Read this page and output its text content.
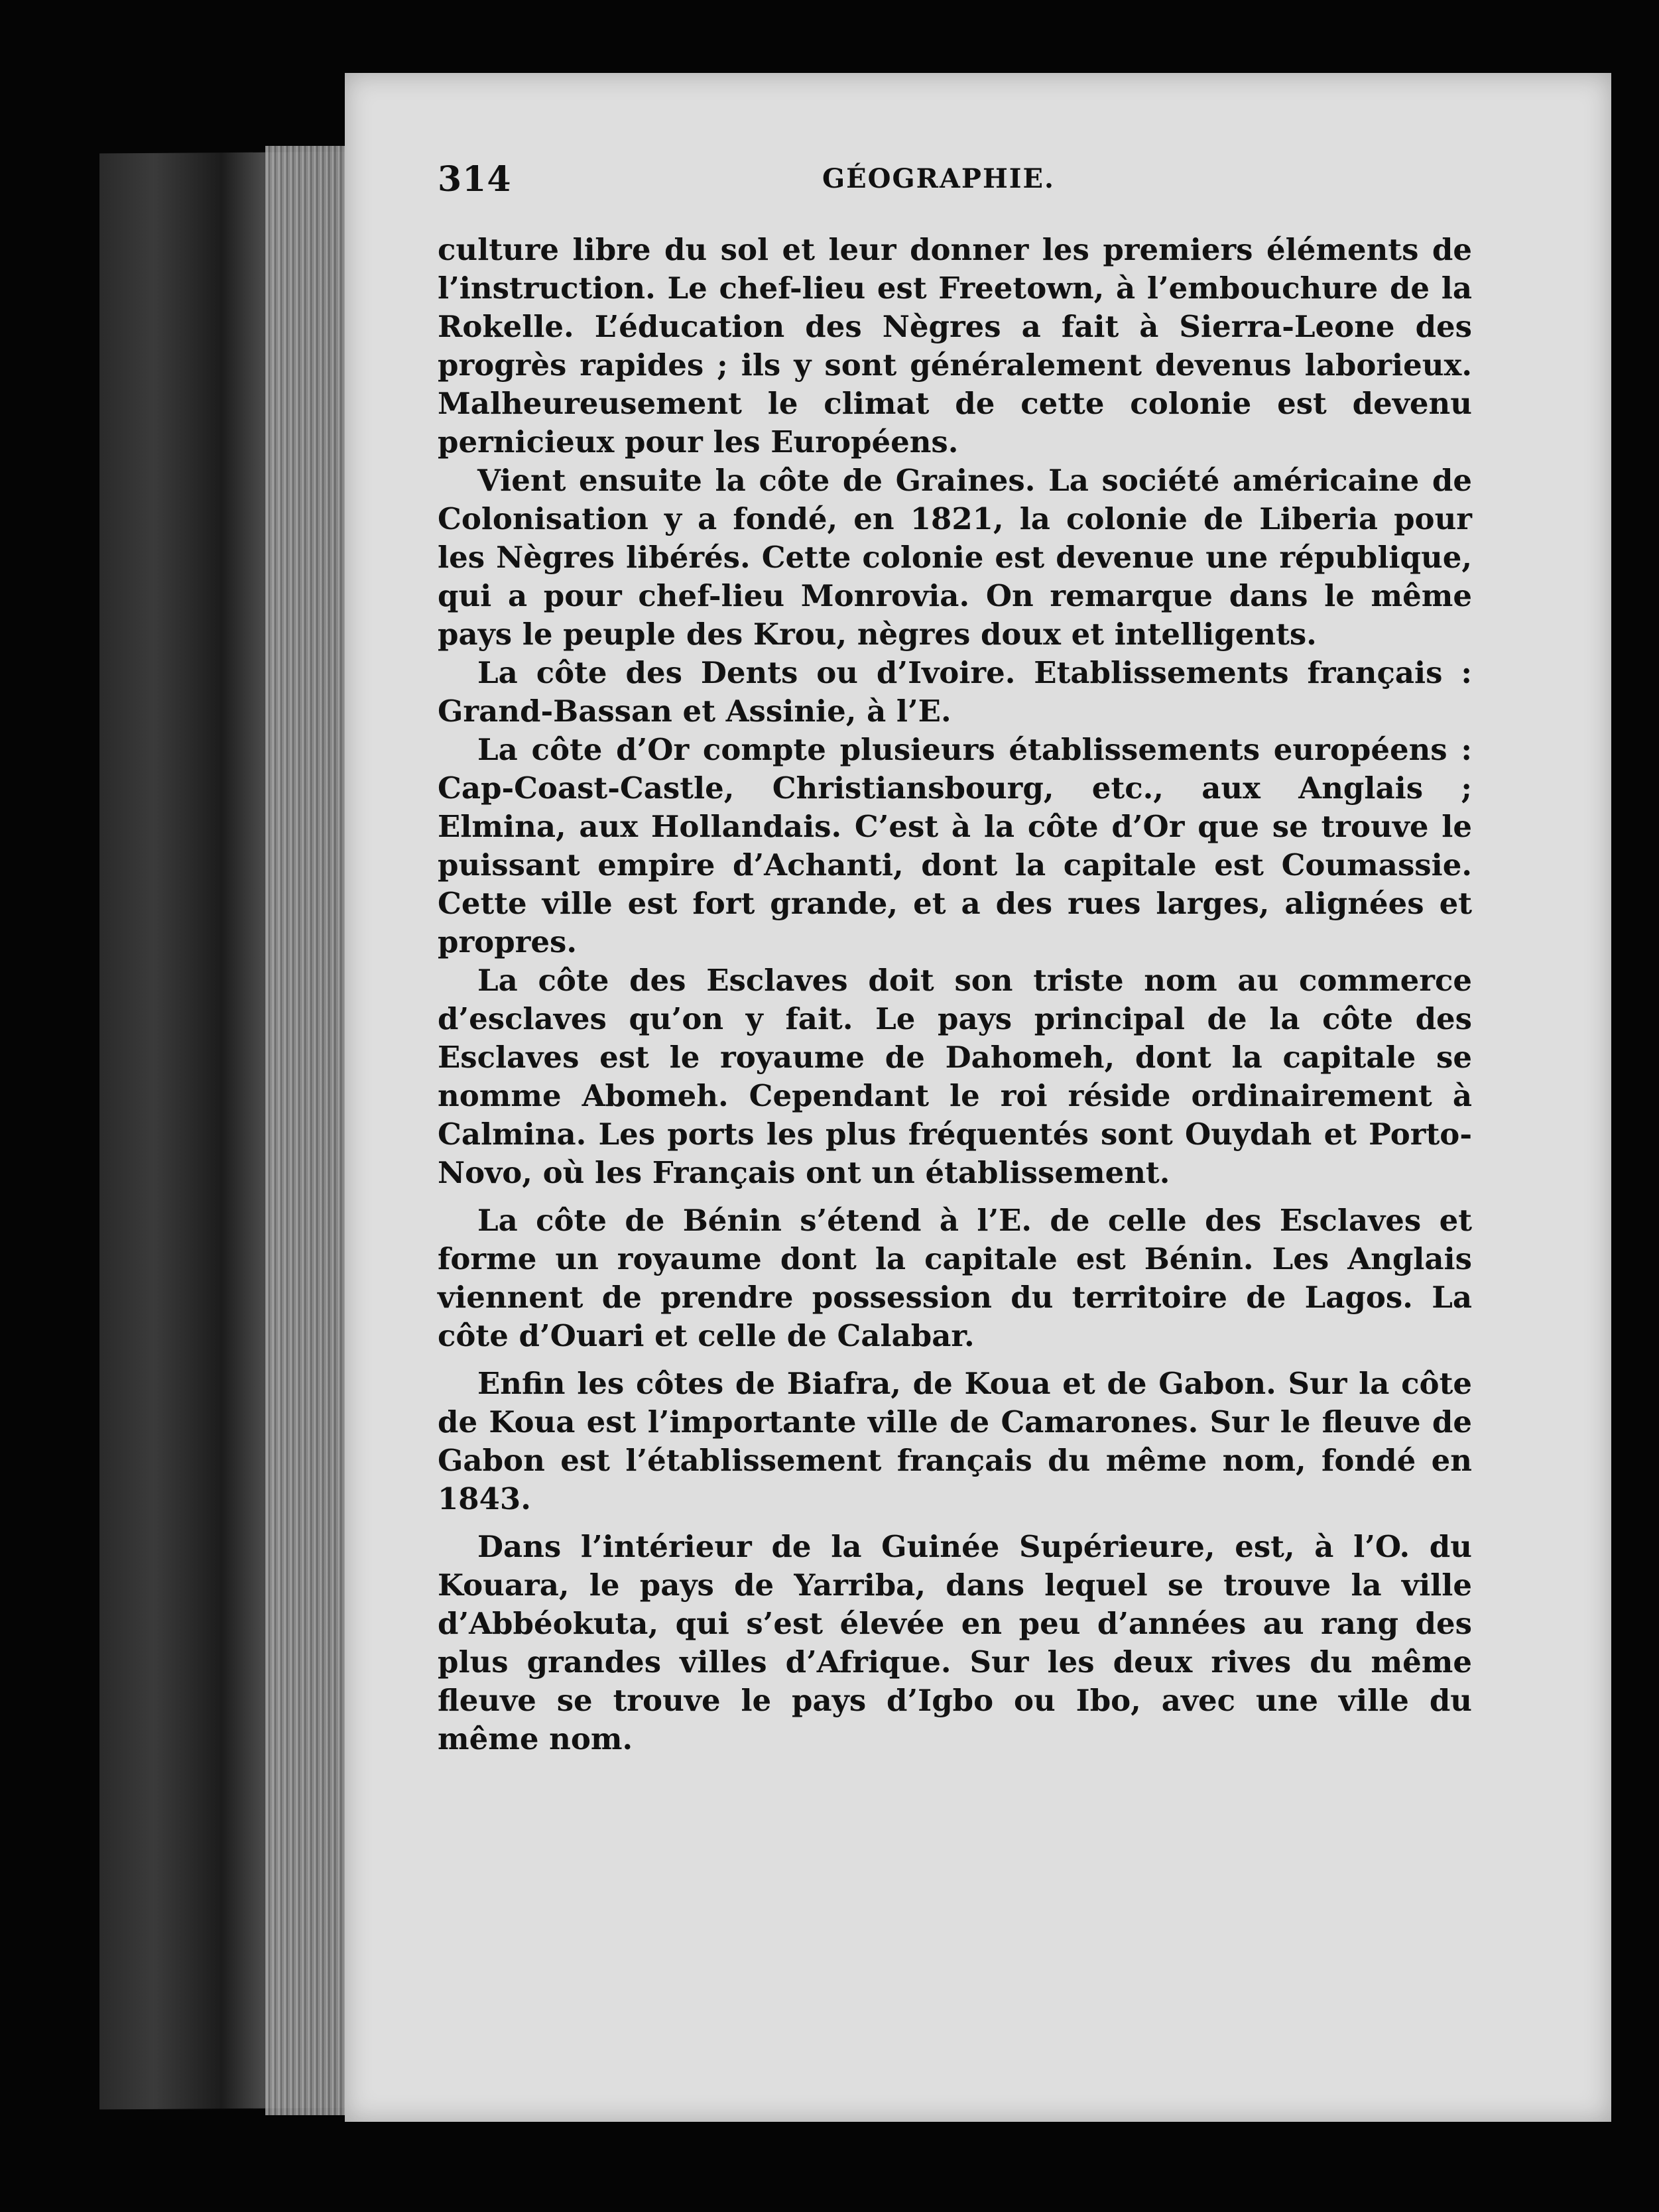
314	GÉOGRAPHIE.

culture libre du sol et leur donner les premiers éléments de l’instruction. Le chef-lieu est Freetown, à l’embouchure de la Rokelle. L’éducation des Nègres a fait à Sierra-Leone des progrès rapides ; ils y sont généralement devenus laborieux. Malheureusement le climat de cette colonie est devenu pernicieux pour les Européens.

Vient ensuite la côte de Graines. La société américaine de Colonisation y a fondé, en 1821, la colonie de Liberia pour les Nègres libérés. Cette colonie est devenue une république, qui a pour chef-lieu Monrovia. On remarque dans le même pays le peuple des Krou, nègres doux et intelligents.

La côte des Dents ou d’Ivoire. Etablissements français : Grand-Bassan et Assinie, à l’E.

La côte d’Or compte plusieurs établissements européens : Cap-Coast-Castle, Christiansbourg, etc., aux Anglais ; Elmina, aux Hollandais. C’est à la côte d’Or que se trouve le puissant empire d’Achanti, dont la capitale est Coumassie. Cette ville est fort grande, et a des rues larges, alignées et propres.

La côte des Esclaves doit son triste nom au commerce d’esclaves qu’on y fait. Le pays principal de la côte des Esclaves est le royaume de Dahomeh, dont la capitale se nomme Abomeh. Cependant le roi réside ordinairement à Calmina. Les ports les plus fréquentés sont Ouydah et Porto-Novo, où les Français ont un établissement.

La côte de Bénin s’étend à l’E. de celle des Esclaves et forme un royaume dont la capitale est Bénin. Les Anglais viennent de prendre possession du territoire de Lagos. La côte d’Ouari et celle de Calabar.

Enfin les côtes de Biafra, de Koua et de Gabon. Sur la côte de Koua est l’importante ville de Camarones. Sur le fleuve de Gabon est l’établissement français du même nom, fondé en 1843.

Dans l’intérieur de la Guinée Supérieure, est, à l’O. du Kouara, le pays de Yarriba, dans lequel se trouve la ville d’Abbéokuta, qui s’est élevée en peu d’années au rang des plus grandes villes d’Afrique. Sur les deux rives du même fleuve se trouve le pays d’Igbo ou Ibo, avec une ville du même nom.
